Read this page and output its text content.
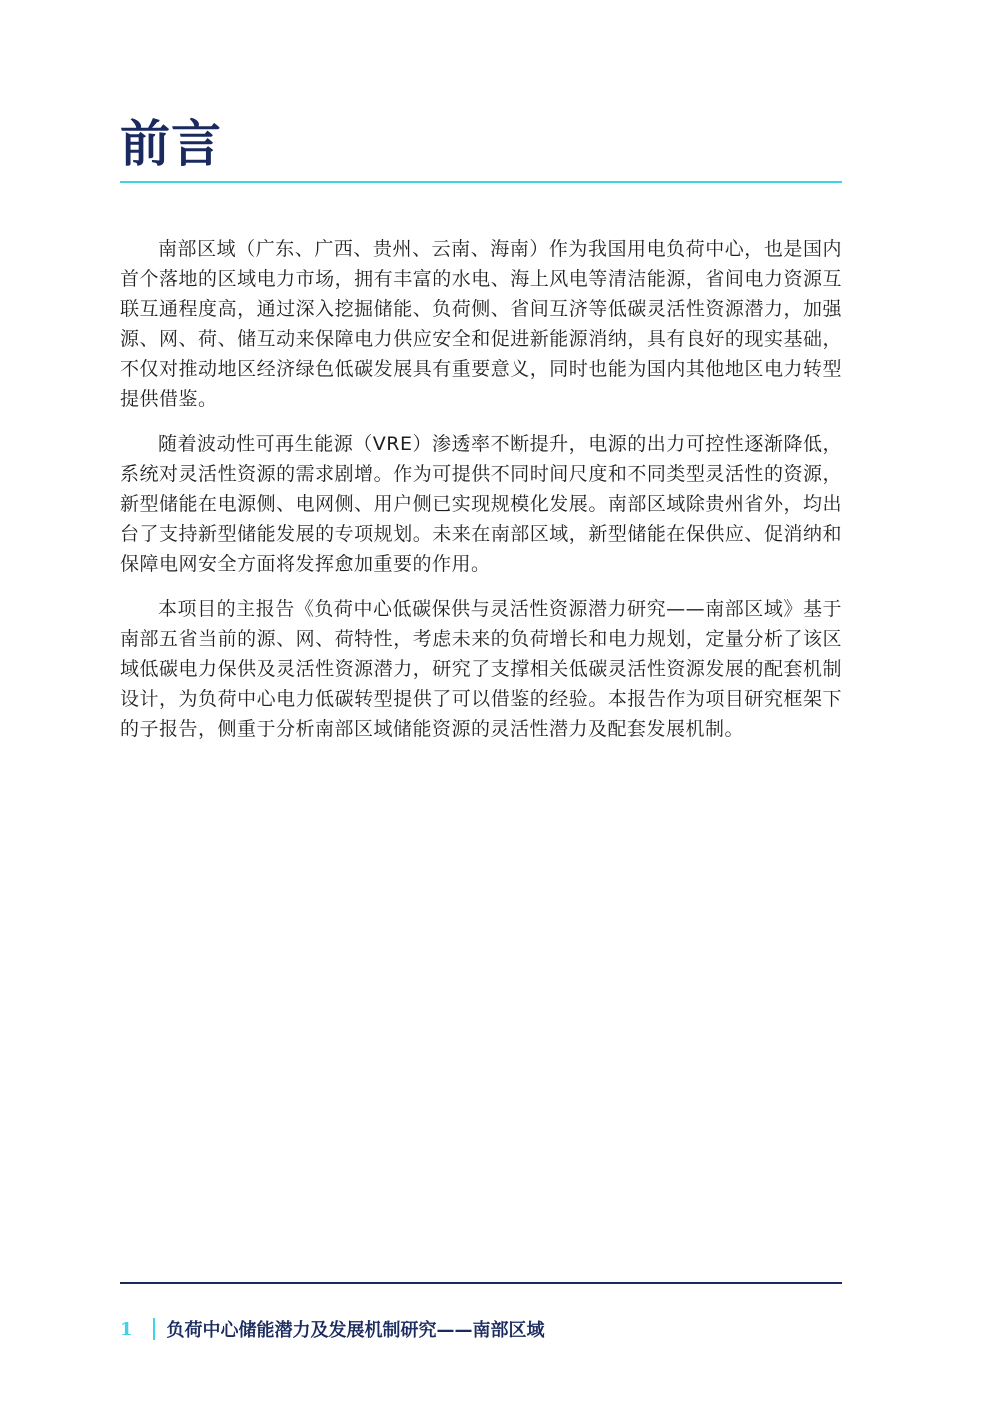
前言

南部区域（广东、广西、贵州、云南、海南）作为我国用电负荷中心，也是国内首个落地的区域电力市场，拥有丰富的水电、海上风电等清洁能源，省间电力资源互联互通程度高，通过深入挖掘储能、负荷侧、省间互济等低碳灵活性资源潜力，加强源、网、荷、储互动来保障电力供应安全和促进新能源消纳，具有良好的现实基础，不仅对推动地区经济绿色低碳发展具有重要意义，同时也能为国内其他地区电力转型提供借鉴。

随着波动性可再生能源（VRE）渗透率不断提升，电源的出力可控性逐渐降低，系统对灵活性资源的需求剧增。作为可提供不同时间尺度和不同类型灵活性的资源，新型储能在电源侧、电网侧、用户侧已实现规模化发展。南部区域除贵州省外，均出台了支持新型储能发展的专项规划。未来在南部区域，新型储能在保供应、促消纳和保障电网安全方面将发挥愈加重要的作用。

本项目的主报告《负荷中心低碳保供与灵活性资源潜力研究——南部区域》基于南部五省当前的源、网、荷特性，考虑未来的负荷增长和电力规划，定量分析了该区域低碳电力保供及灵活性资源潜力，研究了支撑相关低碳灵活性资源发展的配套机制设计，为负荷中心电力低碳转型提供了可以借鉴的经验。本报告作为项目研究框架下的子报告，侧重于分析南部区域储能资源的灵活性潜力及配套发展机制。

1 负荷中心储能潜力及发展机制研究——南部区域
